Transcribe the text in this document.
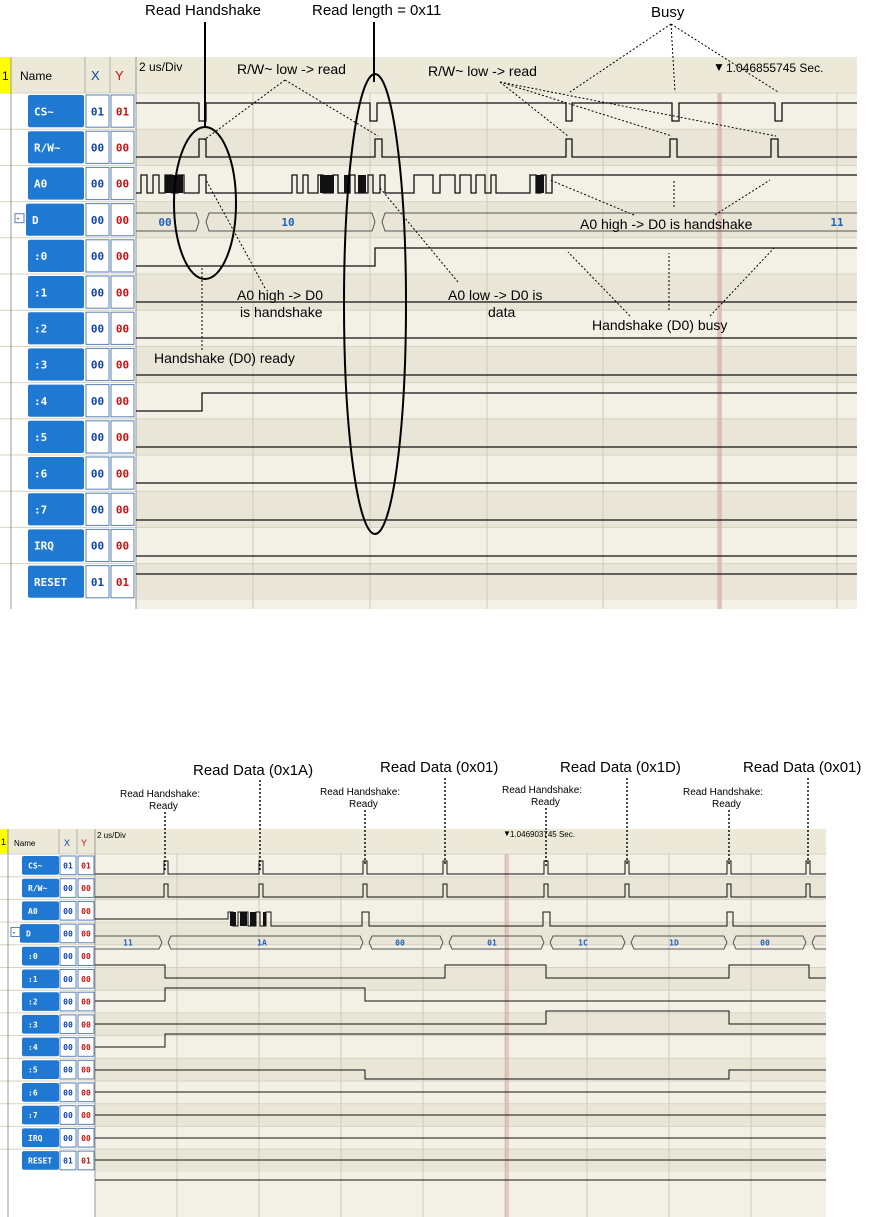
1 Name	X Y
2 us/Div	▼ 1.046855745 Sec.
CS~	01 01
R/W~	00 00
A0	00 00
- D	00 00
:0	00 00
:1	00 00
:2	00 00
:3	00 00
:4	00 00
:5	00 00
:6	00 00
:7	00 00
IRQ	00 00
RESET 01 01
00	10	11
Read Handshake	Read length = 0x11	Busy
R/W~ low -> read	R/W~ low -> read
A0 high -> D0
is handshake
A0 low -> D0 is
data
A0 high -> D0 is handshake
Handshake (D0) busy
Handshake (D0) ready
1 Name	X Y
2 us/Div	▼ 1.046903745 Sec.
CS~	01 01
R/W~ 00 00
A0	00 00
- D	00 00
:0	00 00
:1	00 00
:2	00 00
:3	00 00
:4	00 00
:5	00 00
:6	00 00
:7	00 00
IRQ	00 00
RESET 01 01
11	1A	00	01	1C	1D	00
Read Data (0x1A)	Read Data (0x01)	Read Data (0x1D)	Read Data (0x01)
Read Handshake:
Ready
Read Handshake:
Ready
Read Handshake:
Ready
Read Handshake:
Ready
